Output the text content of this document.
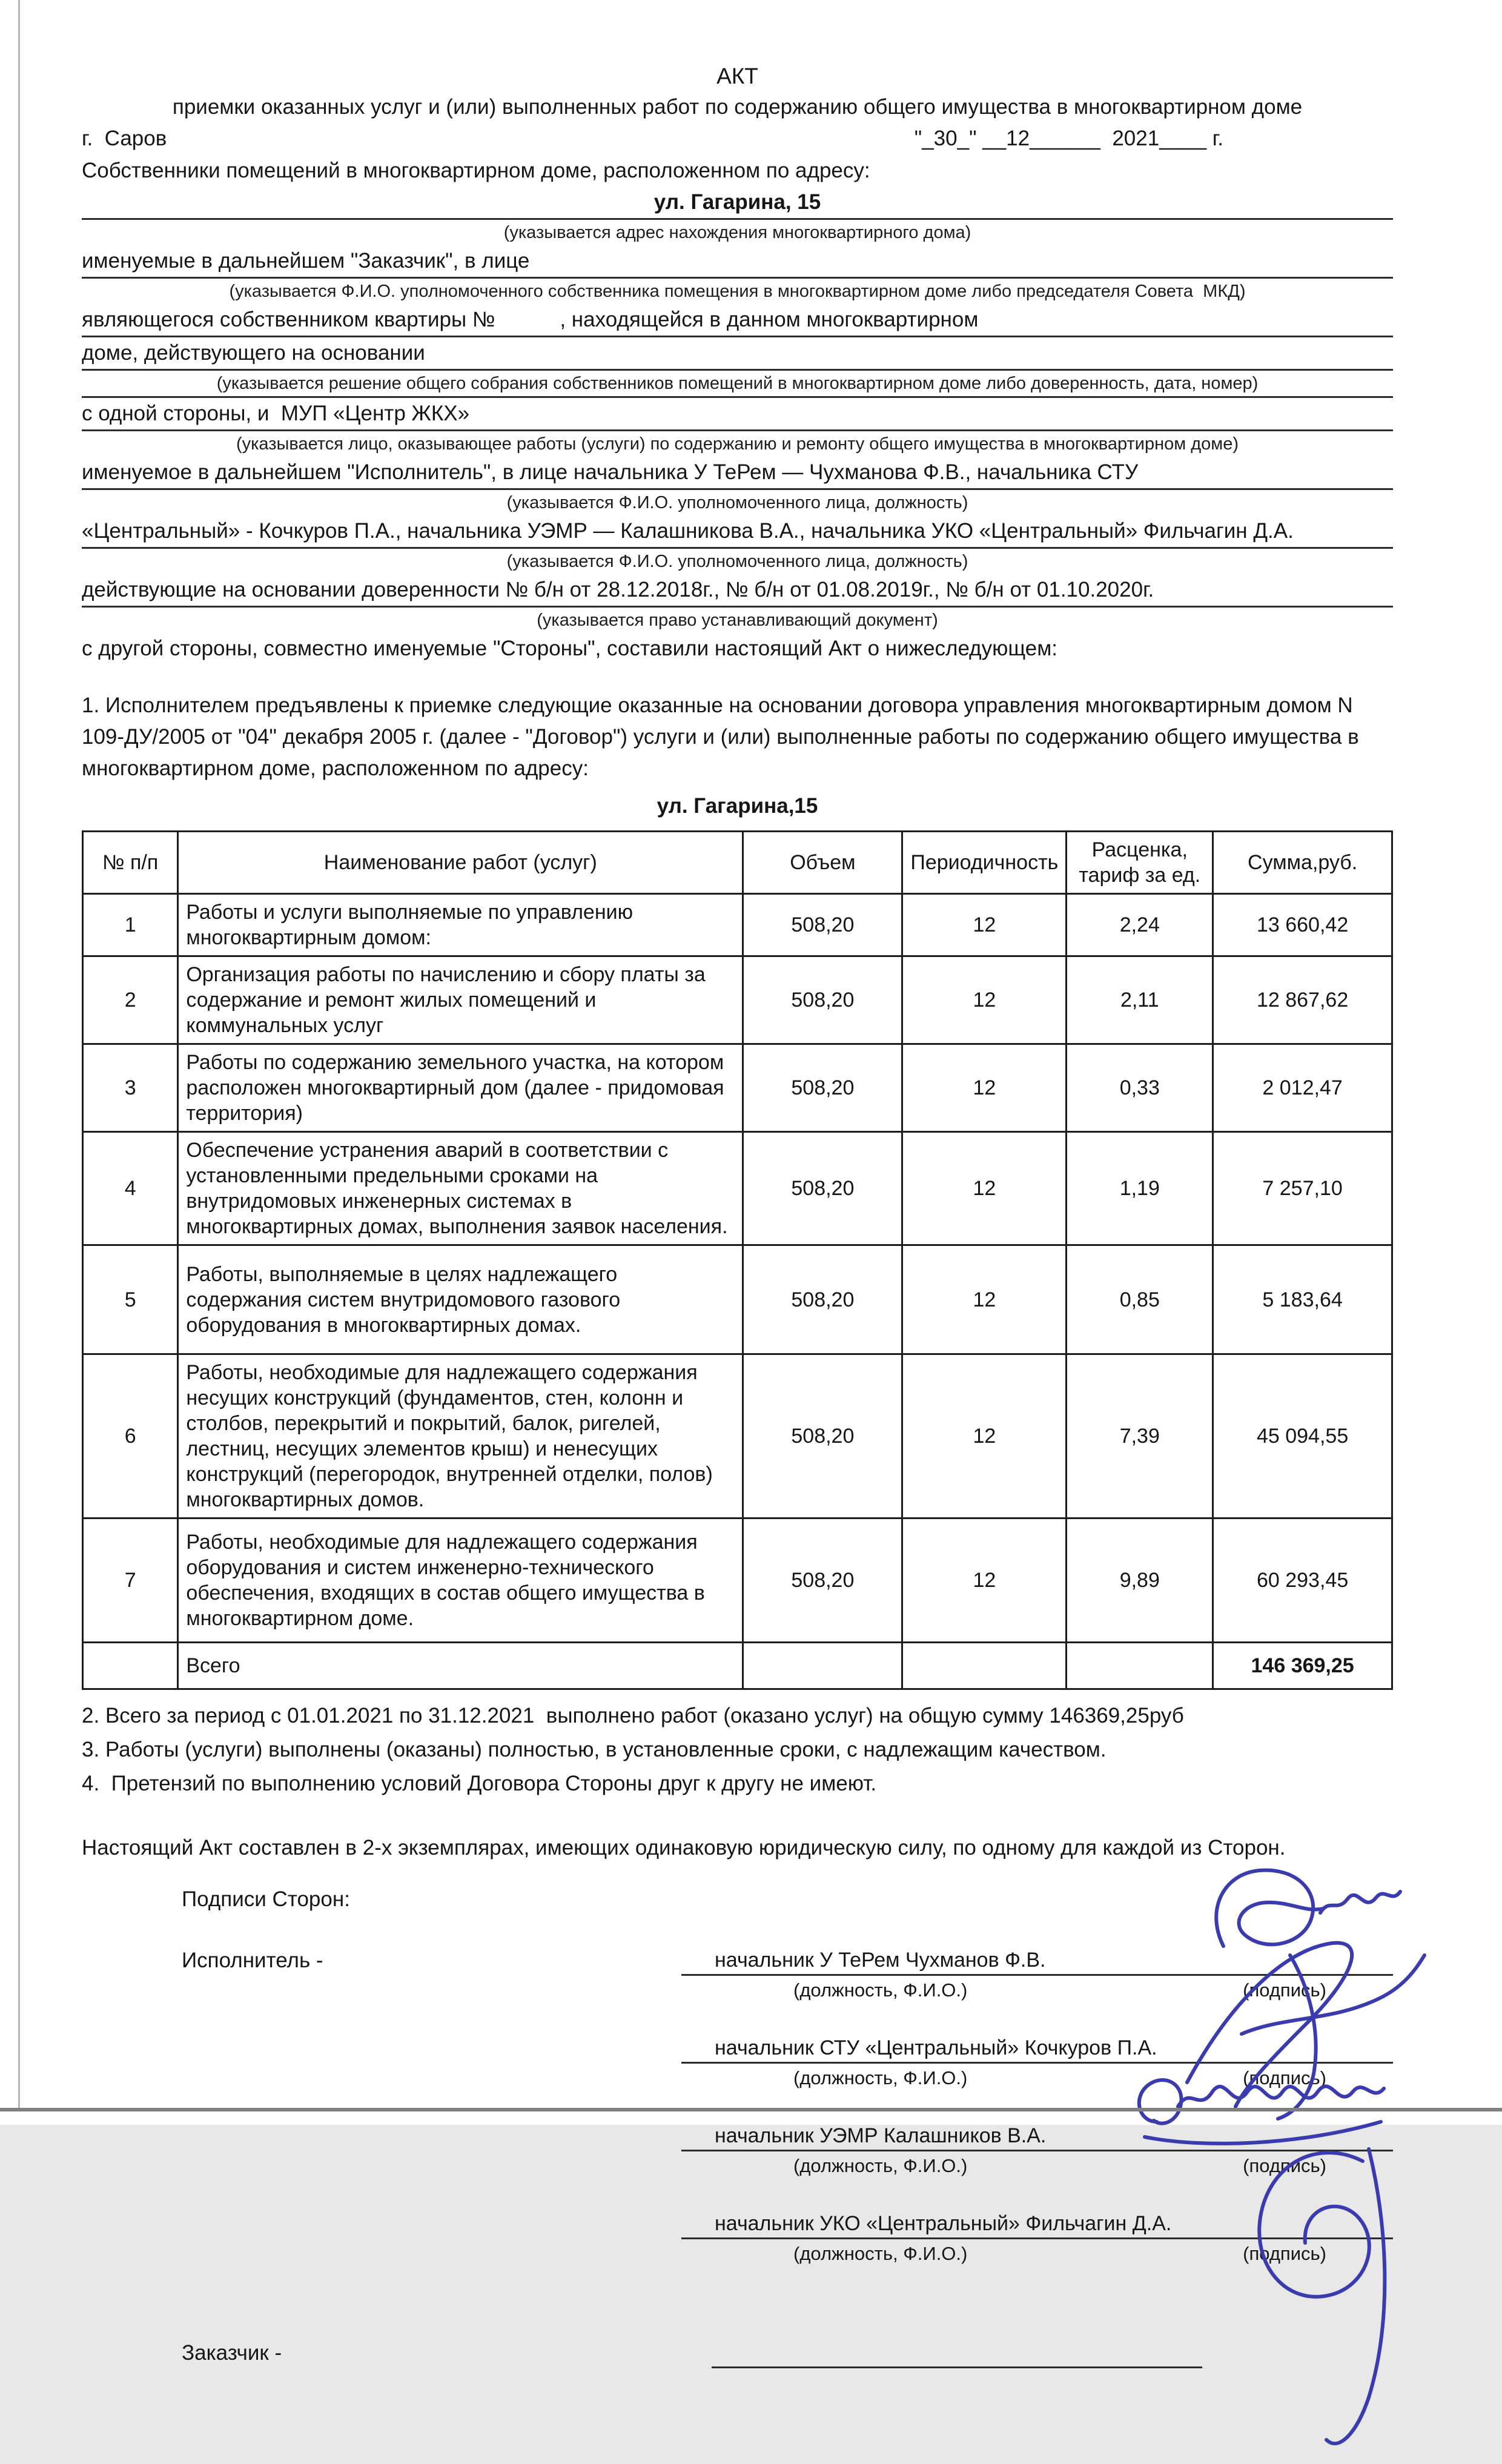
АКТ
приемки оказанных услуг и (или) выполненных работ по содержанию общего имущества в многоквартирном доме
г.  Саров	"_30_" __12______  2021____ г.
Собственники помещений в многоквартирном доме, расположенном по адресу:
ул. Гагарина, 15
(указывается адрес нахождения многоквартирного дома)
именуемые в дальнейшем "Заказчик", в лице
(указывается Ф.И.О. уполномоченного собственника помещения в многоквартирном доме либо председателя Совета  МКД)
являющегося собственником квартиры №           , находящейся в данном многоквартирном
доме, действующего на основании
(указывается решение общего собрания собственников помещений в многоквартирном доме либо доверенность, дата, номер)
с одной стороны, и  МУП «Центр ЖКХ»
(указывается лицо, оказывающее работы (услуги) по содержанию и ремонту общего имущества в многоквартирном доме)
именуемое в дальнейшем "Исполнитель", в лице начальника У ТеРем — Чухманова Ф.В., начальника СТУ
(указывается Ф.И.О. уполномоченного лица, должность)
«Центральный» - Кочкуров П.А., начальника УЭМР — Калашникова В.А., начальника УКО «Центральный» Фильчагин Д.А.
(указывается Ф.И.О. уполномоченного лица, должность)
действующие на основании доверенности № б/н от 28.12.2018г., № б/н от 01.08.2019г., № б/н от 01.10.2020г.
(указывается право устанавливающий документ)
с другой стороны, совместно именуемые "Стороны", составили настоящий Акт о нижеследующем:

1. Исполнителем предъявлены к приемке следующие оказанные на основании договора управления многоквартирным домом N 109-ДУ/2005 от "04" декабря 2005 г. (далее - "Договор") услуги и (или) выполненные работы по содержанию общего имущества в многоквартирном доме, расположенном по адресу:

ул. Гагарина,15
№ п/п	Наименование работ (услуг)	Объем	Периодичность	Расценка, тариф за ед.	Сумма,руб.
1	Работы и услуги выполняемые по управлению многоквартирным домом:	508,20	12	2,24	13 660,42
2	Организация работы по начислению и сбору платы за содержание и ремонт жилых помещений и коммунальных услуг	508,20	12	2,11	12 867,62
3	Работы по содержанию земельного участка, на котором расположен многоквартирный дом (далее - придомовая территория)	508,20	12	0,33	2 012,47
4	Обеспечение устранения аварий в соответствии с установленными предельными сроками на внутридомовых инженерных системах в многоквартирных домах, выполнения заявок населения.	508,20	12	1,19	7 257,10
5	Работы, выполняемые в целях надлежащего содержания систем внутридомового газового оборудования в многоквартирных домах.	508,20	12	0,85	5 183,64
6	Работы, необходимые для надлежащего содержания несущих конструкций (фундаментов, стен, колонн и столбов, перекрытий и покрытий, балок, ригелей, лестниц, несущих элементов крыш) и ненесущих конструкций (перегородок, внутренней отделки, полов) многоквартирных домов.	508,20	12	7,39	45 094,55
7	Работы, необходимые для надлежащего содержания оборудования и систем инженерно-технического обеспечения, входящих в состав общего имущества в многоквартирном доме.	508,20	12	9,89	60 293,45
	Всего				146 369,25
2. Всего за период с 01.01.2021 по 31.12.2021  выполнено работ (оказано услуг) на общую сумму 146369,25руб
3. Работы (услуги) выполнены (оказаны) полностью, в установленные сроки, с надлежащим качеством.
4.  Претензий по выполнению условий Договора Стороны друг к другу не имеют.

Настоящий Акт составлен в 2-х экземплярах, имеющих одинаковую юридическую силу, по одному для каждой из Сторон.

Подписи Сторон:
Исполнитель -	начальник У ТеРем Чухманов Ф.В.
(должность, Ф.И.О.)	(подпись)
начальник СТУ «Центральный» Кочкуров П.А.
(должность, Ф.И.О.)	(подпись)
начальник УЭМР Калашников В.А.
(должность, Ф.И.О.)	(подпись)
начальник УКО «Центральный» Фильчагин Д.А.
(должность, Ф.И.О.)	(подпись)
Заказчик -
